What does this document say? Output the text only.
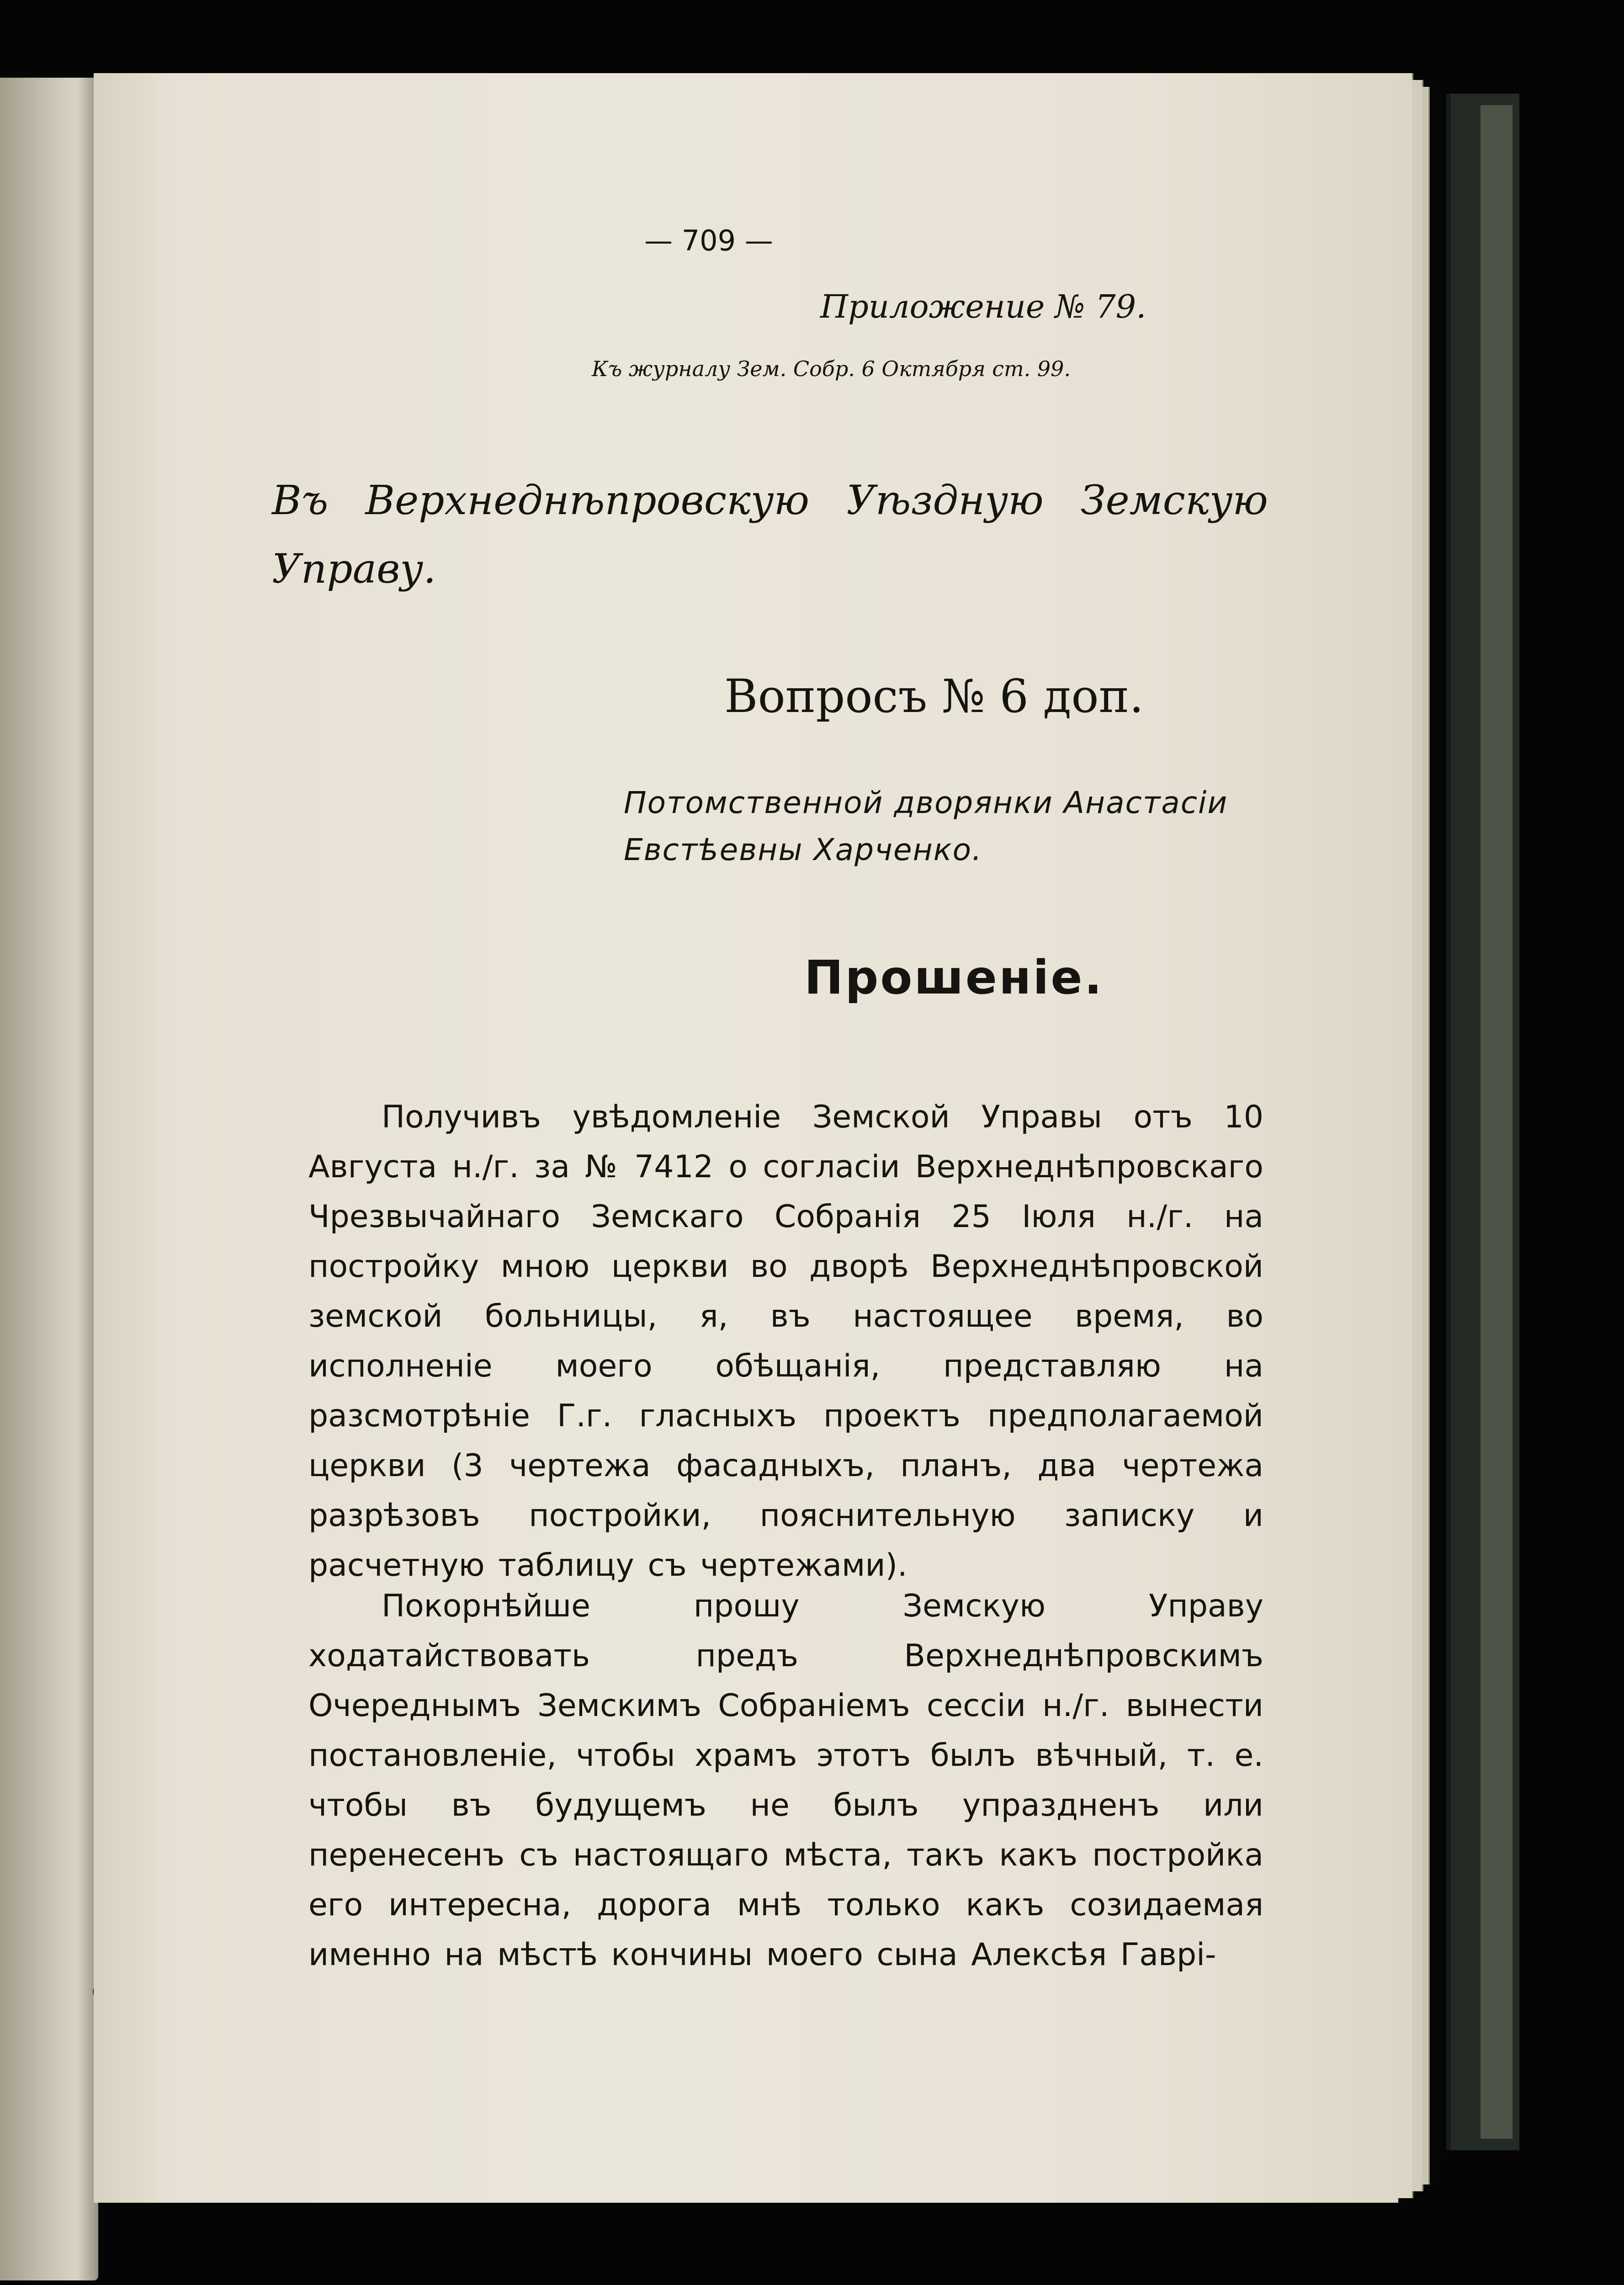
— 709 —

Приложение № 79.

Къ журналу Зем. Собр. 6 Октября ст. 99.

Въ Верхнеднѣпровскую Уѣздную Земскую Управу.

Вопросъ № 6 доп.

Потомственной дворянки Анастасіи Евстѣевны Харченко.

Прошеніе.

Получивъ увѣдомленіе Земской Управы отъ 10 Августа н./г. за № 7412 о согласіи Верхнеднѣпровскаго Чрезвычайнаго Земскаго Собранія 25 Іюля н./г. на постройку мною церкви во дворѣ Верхнеднѣпровской земской больницы, я, въ настоящее время, во исполненіе моего обѣщанія, представляю на разсмотрѣніе Г.г. гласныхъ проектъ предполагаемой церкви (3 чертежа фасадныхъ, планъ, два чертежа разрѣзовъ постройки, пояснительную записку и расчетную таблицу съ чертежами).

Покорнѣйше прошу Земскую Управу ходатайствовать предъ Верхнеднѣпровскимъ Очереднымъ Земскимъ Собраніемъ сессіи н./г. вынести постановленіе, чтобы храмъ этотъ былъ вѣчный, т. е. чтобы въ будущемъ не былъ упраздненъ или перенесенъ съ настоящаго мѣста, такъ какъ постройка его интересна, дорога мнѣ только какъ созидаемая именно на мѣстѣ кончины моего сына Алексѣя Гаврі-
